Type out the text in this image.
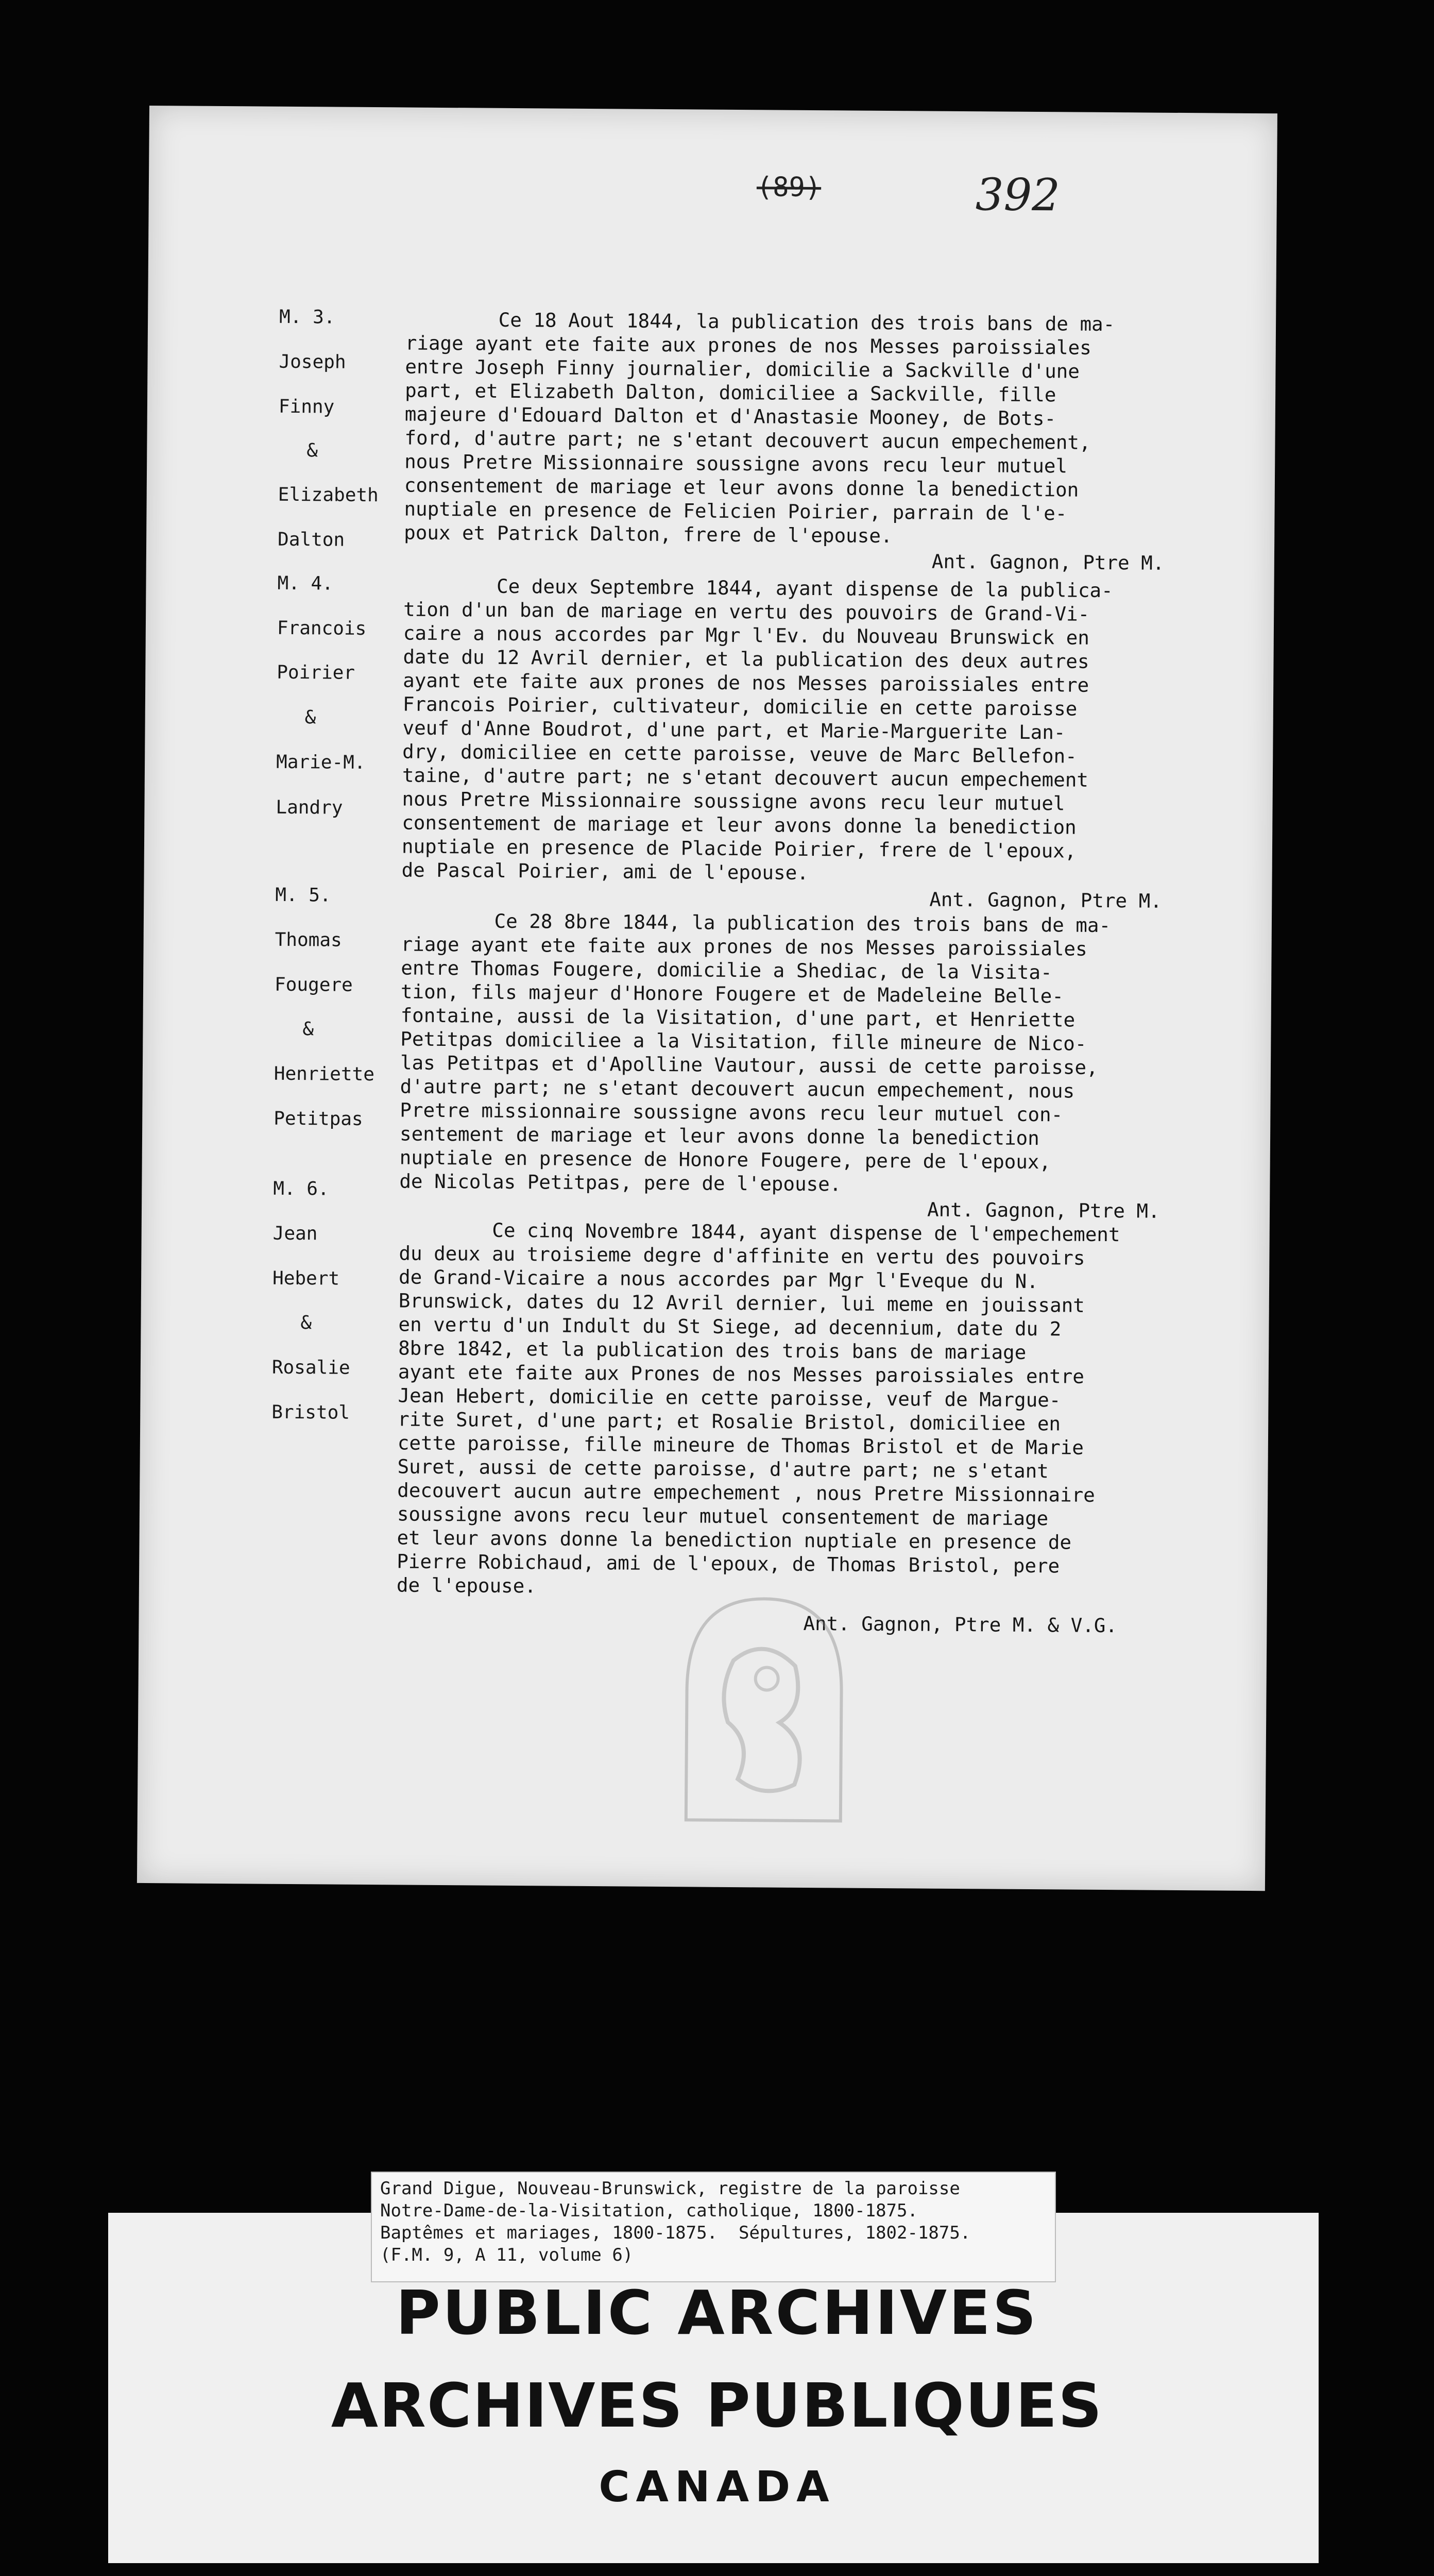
(89)	392
M. 3.
Joseph
Finny
&
Elizabeth
Dalton
Ce 18 Aout 1844, la publication des trois bans de ma-
riage ayant ete faite aux prones de nos Messes paroissiales
entre Joseph Finny journalier, domicilie a Sackville d'une
part, et Elizabeth Dalton, domiciliee a Sackville, fille
majeure d'Edouard Dalton et d'Anastasie Mooney, de Bots-
ford, d'autre part; ne s'etant decouvert aucun empechement,
nous Pretre Missionnaire soussigne avons recu leur mutuel
consentement de mariage et leur avons donne la benediction
nuptiale en presence de Felicien Poirier, parrain de l'e-
poux et Patrick Dalton, frere de l'epouse.
Ant. Gagnon, Ptre M.
M. 4.
Francois
Poirier
&
Marie-M.
Landry
Ce deux Septembre 1844, ayant dispense de la publica-
tion d'un ban de mariage en vertu des pouvoirs de Grand-Vi-
caire a nous accordes par Mgr l'Ev. du Nouveau Brunswick en
date du 12 Avril dernier, et la publication des deux autres
ayant ete faite aux prones de nos Messes paroissiales entre
Francois Poirier, cultivateur, domicilie en cette paroisse
veuf d'Anne Boudrot, d'une part, et Marie-Marguerite Lan-
dry, domiciliee en cette paroisse, veuve de Marc Bellefon-
taine, d'autre part; ne s'etant decouvert aucun empechement
nous Pretre Missionnaire soussigne avons recu leur mutuel
consentement de mariage et leur avons donne la benediction
nuptiale en presence de Placide Poirier, frere de l'epoux,
de Pascal Poirier, ami de l'epouse.
Ant. Gagnon, Ptre M.
M. 5.
Thomas
Fougere
&
Henriette
Petitpas
Ce 28 8bre 1844, la publication des trois bans de ma-
riage ayant ete faite aux prones de nos Messes paroissiales
entre Thomas Fougere, domicilie a Shediac, de la Visita-
tion, fils majeur d'Honore Fougere et de Madeleine Belle-
fontaine, aussi de la Visitation, d'une part, et Henriette
Petitpas domiciliee a la Visitation, fille mineure de Nico-
las Petitpas et d'Apolline Vautour, aussi de cette paroisse,
d'autre part; ne s'etant decouvert aucun empechement, nous
Pretre missionnaire soussigne avons recu leur mutuel con-
sentement de mariage et leur avons donne la benediction
nuptiale en presence de Honore Fougere, pere de l'epoux,
de Nicolas Petitpas, pere de l'epouse.
Ant. Gagnon, Ptre M.
M. 6.
Jean
Hebert
&
Rosalie
Bristol
Ce cinq Novembre 1844, ayant dispense de l'empechement
du deux au troisieme degre d'affinite en vertu des pouvoirs
de Grand-Vicaire a nous accordes par Mgr l'Eveque du N.
Brunswick, dates du 12 Avril dernier, lui meme en jouissant
en vertu d'un Indult du St Siege, ad decennium, date du 2
8bre 1842, et la publication des trois bans de mariage
ayant ete faite aux Prones de nos Messes paroissiales entre
Jean Hebert, domicilie en cette paroisse, veuf de Margue-
rite Suret, d'une part; et Rosalie Bristol, domiciliee en
cette paroisse, fille mineure de Thomas Bristol et de Marie
Suret, aussi de cette paroisse, d'autre part; ne s'etant
decouvert aucun autre empechement , nous Pretre Missionnaire
soussigne avons recu leur mutuel consentement de mariage
et leur avons donne la benediction nuptiale en presence de
Pierre Robichaud, ami de l'epoux, de Thomas Bristol, pere
de l'epouse.
Ant. Gagnon, Ptre M. & V.G.
Grand Digue, Nouveau-Brunswick, registre de la paroisse
Notre-Dame-de-la-Visitation, catholique, 1800-1875.
Baptêmes et mariages, 1800-1875.  Sépultures, 1802-1875.
(F.M. 9, A 11, volume 6)
PUBLIC ARCHIVES
ARCHIVES PUBLIQUES
CANADA
